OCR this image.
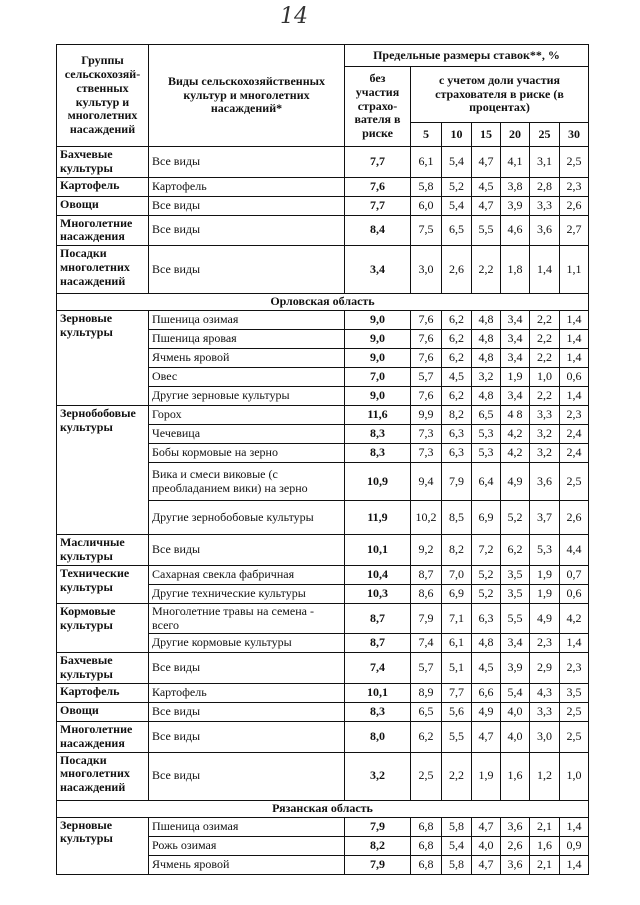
14
Группы сельскохозяй-ственных культур и многолетних насаждений	Виды сельскохозяйственных культур и многолетних насаждений*	Предельные размеры ставок**, %						
		без участия страхо-вателя в риске	с учетом доли участия страхователя в риске (в процентах)					
			5	10	15	20	25	30
Бахчевые культуры	Все виды	7,7	6,1	5,4	4,7	4,1	3,1	2,5
Картофель	Картофель	7,6	5,8	5,2	4,5	3,8	2,8	2,3
Овощи	Все виды	7,7	6,0	5,4	4,7	3,9	3,3	2,6
Многолетние насаждения	Все виды	8,4	7,5	6,5	5,5	4,6	3,6	2,7
Посадки многолетних насаждений	Все виды	3,4	3,0	2,6	2,2	1,8	1,4	1,1
Орловская область								
Зерновые культуры	Пшеница озимая	9,0	7,6	6,2	4,8	3,4	2,2	1,4
	Пшеница яровая	9,0	7,6	6,2	4,8	3,4	2,2	1,4
	Ячмень яровой	9,0	7,6	6,2	4,8	3,4	2,2	1,4
	Овес	7,0	5,7	4,5	3,2	1,9	1,0	0,6
	Другие зерновые культуры	9,0	7,6	6,2	4,8	3,4	2,2	1,4
Зернобобовые культуры	Горох	11,6	9,9	8,2	6,5	4 8	3,3	2,3
	Чечевица	8,3	7,3	6,3	5,3	4,2	3,2	2,4
	Бобы кормовые на зерно	8,3	7,3	6,3	5,3	4,2	3,2	2,4
	Вика и смеси виковые (с преобладанием вики) на зерно	10,9	9,4	7,9	6,4	4,9	3,6	2,5
	Другие зернобобовые культуры	11,9	10,2	8,5	6,9	5,2	3,7	2,6
Масличные культуры	Все виды	10,1	9,2	8,2	7,2	6,2	5,3	4,4
Технические культуры	Сахарная свекла фабричная	10,4	8,7	7,0	5,2	3,5	1,9	0,7
	Другие технические культуры	10,3	8,6	6,9	5,2	3,5	1,9	0,6
Кормовые культуры	Многолетние травы на семена - всего	8,7	7,9	7,1	6,3	5,5	4,9	4,2
	Другие кормовые культуры	8,7	7,4	6,1	4,8	3,4	2,3	1,4
Бахчевые культуры	Все виды	7,4	5,7	5,1	4,5	3,9	2,9	2,3
Картофель	Картофель	10,1	8,9	7,7	6,6	5,4	4,3	3,5
Овощи	Все виды	8,3	6,5	5,6	4,9	4,0	3,3	2,5
Многолетние насаждения	Все виды	8,0	6,2	5,5	4,7	4,0	3,0	2,5
Посадки многолетних насаждений	Все виды	3,2	2,5	2,2	1,9	1,6	1,2	1,0
Рязанская область								
Зерновые культуры	Пшеница озимая	7,9	6,8	5,8	4,7	3,6	2,1	1,4
	Рожь озимая	8,2	6,8	5,4	4,0	2,6	1,6	0,9
	Ячмень яровой	7,9	6,8	5,8	4,7	3,6	2,1	1,4
